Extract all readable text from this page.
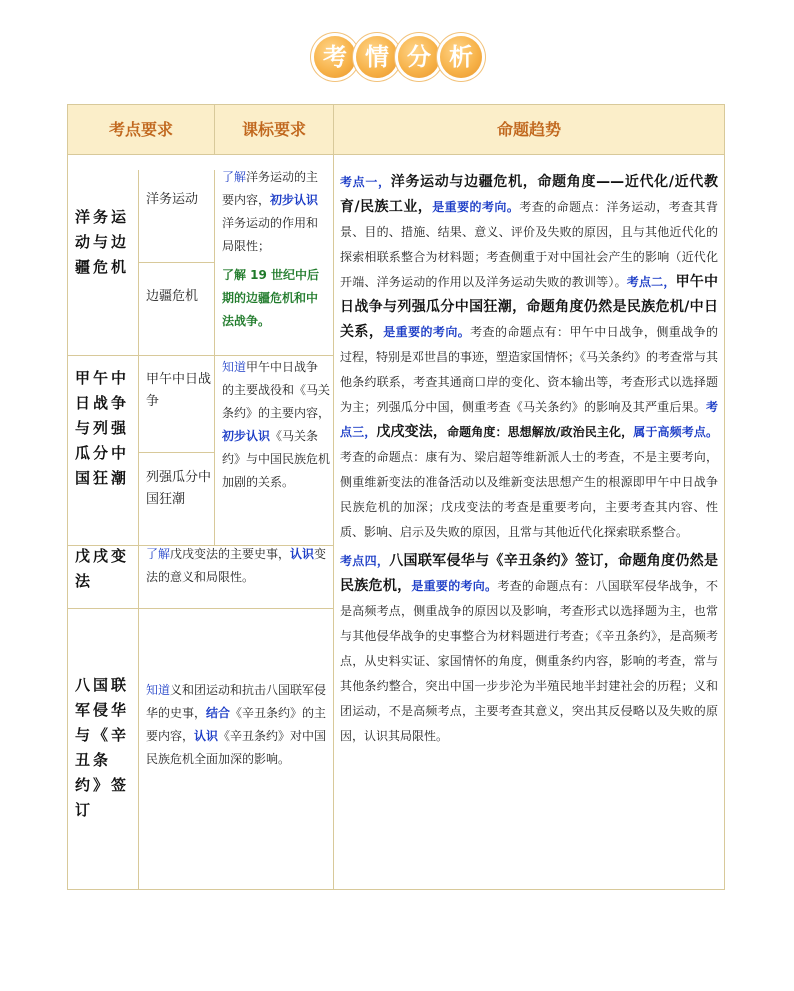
考 情 分 析
考点要求	课标要求	命题趋势
洋务运动与边疆危机
洋务运动
边疆危机
了解洋务运动的主要内容，初步认识洋务运动的作用和局限性；
了解 19 世纪中后期的边疆危机和中法战争。
甲午中日战争与列强瓜分中国狂潮
甲午中日战争
列强瓜分中国狂潮
知道甲午中日战争的主要战役和《马关条约》的主要内容，初步认识《马关条约》与中国民族危机加剧的关系。
戊戌变法
了解戊戌变法的主要史事，认识变法的意义和局限性。
八国联军侵华与《辛丑条约》签订
知道义和团运动和抗击八国联军侵华的史事，结合《辛丑条约》的主要内容，认识《辛丑条约》对中国民族危机全面加深的影响。
考点一，洋务运动与边疆危机，命题角度——近代化/近代教育/民族工业，是重要的考向。考查的命题点：洋务运动，考查其背景、目的、措施、结果、意义、评价及失败的原因，且与其他近代化的探索相联系整合为材料题；考查侧重于对中国社会产生的影响（近代化开端、洋务运动的作用以及洋务运动失败的教训等）。考点二，甲午中日战争与列强瓜分中国狂潮，命题角度仍然是民族危机/中日关系，是重要的考向。考查的命题点有：甲午中日战争，侧重战争的过程，特别是邓世昌的事迹，塑造家国情怀；《马关条约》的考查常与其他条约联系，考查其通商口岸的变化、资本输出等，考查形式以选择题为主；列强瓜分中国，侧重考查《马关条约》的影响及其严重后果。考点三，戊戌变法，命题角度：思想解放/政治民主化，属于高频考点。考查的命题点：康有为、梁启超等维新派人士的考查，不是主要考向，侧重维新变法的准备活动以及维新变法思想产生的根源即甲午中日战争民族危机的加深；戊戌变法的考查是重要考向，主要考查其内容、性质、影响、启示及失败的原因，且常与其他近代化探索联系整合。
考点四，八国联军侵华与《辛丑条约》签订，命题角度仍然是民族危机，是重要的考向。考查的命题点有：八国联军侵华战争，不是高频考点，侧重战争的原因以及影响，考查形式以选择题为主，也常与其他侵华战争的史事整合为材料题进行考查；《辛丑条约》，是高频考点，从史料实证、家国情怀的角度，侧重条约内容，影响的考查，常与其他条约整合，突出中国一步步沦为半殖民地半封建社会的历程；义和团运动，不是高频考点，主要考查其意义，突出其反侵略以及失败的原因，认识其局限性。
